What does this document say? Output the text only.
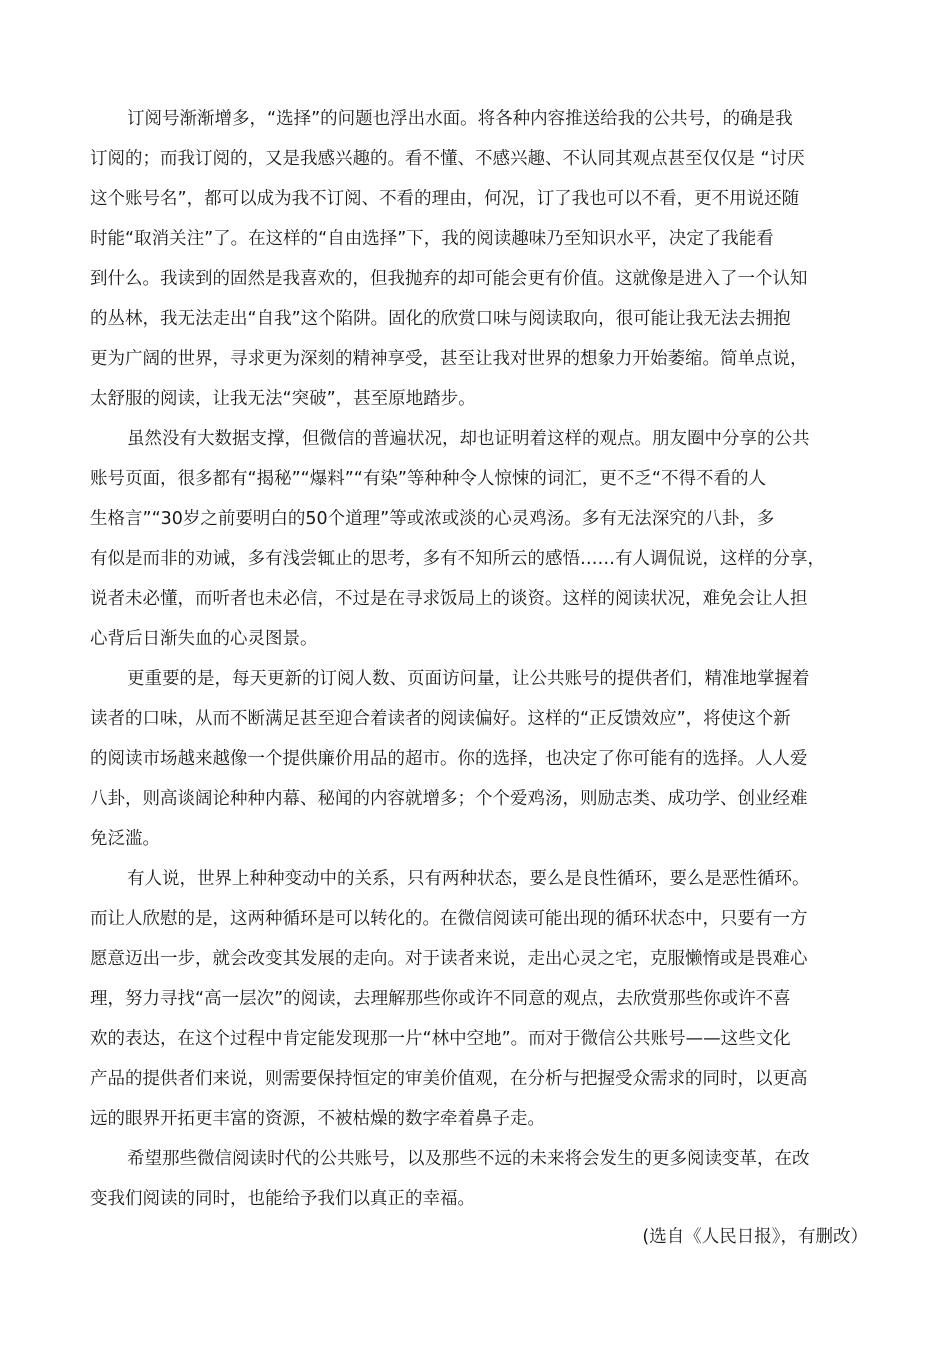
订阅号渐渐增多，“选择”的问题也浮出水面。将各种内容推送给我的公共号，的确是我
订阅的；而我订阅的，又是我感兴趣的。看不懂、不感兴趣、不认同其观点甚至仅仅是 “讨厌
这个账号名”，都可以成为我不订阅、不看的理由，何况，订了我也可以不看，更不用说还随
时能“取消关注”了。在这样的“自由选择”下，我的阅读趣味乃至知识水平，决定了我能看
到什么。我读到的固然是我喜欢的，但我抛弃的却可能会更有价值。这就像是进入了一个认知
的丛林，我无法走出“自我”这个陷阱。固化的欣赏口味与阅读取向，很可能让我无法去拥抱
更为广阔的世界，寻求更为深刻的精神享受，甚至让我对世界的想象力开始萎缩。简单点说，
太舒服的阅读，让我无法“突破”，甚至原地踏步。
虽然没有大数据支撑，但微信的普遍状况，却也证明着这样的观点。朋友圈中分享的公共
账号页面，很多都有“揭秘”“爆料”“有染”等种种令人惊悚的词汇，更不乏“不得不看的人
生格言”“30岁之前要明白的50个道理”等或浓或淡的心灵鸡汤。多有无法深究的八卦，多
有似是而非的劝诫，多有浅尝辄止的思考，多有不知所云的感悟……有人调侃说，这样的分享，
说者未必懂，而听者也未必信，不过是在寻求饭局上的谈资。这样的阅读状况，难免会让人担
心背后日渐失血的心灵图景。
更重要的是，每天更新的订阅人数、页面访问量，让公共账号的提供者们，精准地掌握着
读者的口味，从而不断满足甚至迎合着读者的阅读偏好。这样的“正反馈效应”，将使这个新
的阅读市场越来越像一个提供廉价用品的超市。你的选择，也决定了你可能有的选择。人人爱
八卦，则高谈阔论种种内幕、秘闻的内容就增多；个个爱鸡汤，则励志类、成功学、创业经难
免泛滥。
有人说，世界上种种变动中的关系，只有两种状态，要么是良性循环，要么是恶性循环。
而让人欣慰的是，这两种循环是可以转化的。在微信阅读可能出现的循环状态中，只要有一方
愿意迈出一步，就会改变其发展的走向。对于读者来说，走出心灵之宅，克服懒惰或是畏难心
理，努力寻找“高一层次”的阅读，去理解那些你或许不同意的观点，去欣赏那些你或许不喜
欢的表达，在这个过程中肯定能发现那一片“林中空地”。而对于微信公共账号——这些文化
产品的提供者们来说，则需要保持恒定的审美价值观，在分析与把握受众需求的同时，以更高
远的眼界开拓更丰富的资源，不被枯燥的数字牵着鼻子走。
希望那些微信阅读时代的公共账号，以及那些不远的未来将会发生的更多阅读变革，在改
变我们阅读的同时，也能给予我们以真正的幸福。
(选自《人民日报》，有删改）
